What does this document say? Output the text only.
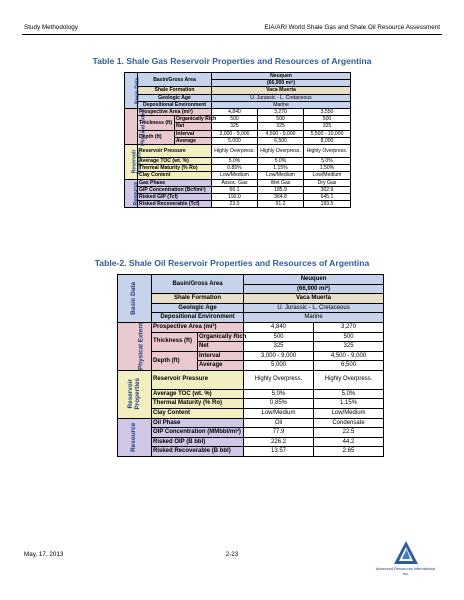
Study Methodology	EIA/ARI World Shale Gas and Shale Oil Resource Assessment
Table 1. Shale Gas Reservoir Properties and Resources of Argentina
Basic Data	Basin/Gross Area		Neuquen		
			(66,900 mi²)		
	Shale Formation		Vaca Muerta		
	Geologic Age		U. Jurassic - L. Cretaceous		
	Depositional Environment		Marine		
Physical Extent	Prospective Area (mi²)		4,840	3,270	3,550
	Thickness (ft)	Organically Rich	500	500	500
		Net	325	325	325
	Depth (ft)	Interval	3,000 - 9,000	4,500 - 9,000	5,500 - 10,000
		Average	5,000	6,500	8,000
Reservoir
Properties	Reservoir Pressure		Highly Overpress.	Highly Overpress.	Highly Overpress.
	Average TOC (wt. %)		5.0%	5.0%	5.0%
	Thermal Maturity (% Ro)		0.85%	1.15%	1.50%
	Clay Content		Low/Medium	Low/Medium	Low/Medium
Resource	Gas Phase		Assoc. Gas	Wet Gas	Dry Gas
	GIP Concentration (Bcf/mi²)		66.1	185.9	302.9
	Risked GIP (Tcf)		192.0	364.8	645.1
	Risked Recoverable (Tcf)		23.0	91.2	193.5
Table-2. Shale Oil Reservoir Properties and Resources of Argentina
Basic Data	Basin/Gross Area		Neuquen	
			(66,900 mi²)	
	Shale Formation		Vaca Muerta	
	Geologic Age		U. Jurassic - L. Cretaceous	
	Depositional Environment		Marine	
Physical Extent	Prospective Area (mi²)		4,840	3,270
	Thickness (ft)	Organically Rich	500	500
		Net	325	325
	Depth (ft)	Interval	3,000 - 9,000	4,500 - 9,000
		Average	5,000	6,500
Reservoir
Properties	Reservoir Pressure		Highly Overpress.	Highly Overpress.
	Average TOC (wt. %)		5.0%	5.0%
	Thermal Maturity (% Ro)		0.85%	1.15%
	Clay Content		Low/Medium	Low/Medium
Resource	Oil Phase		Oil	Condensate
	OIP Concentration (MMbbl/mi²)		77.9	22.5
	Risked OIP (B bbl)		226.2	44.2
	Risked Recoverable (B bbl)		13.57	2.65
May, 17, 2013	2-23
Advanced Resources International, Inc.
